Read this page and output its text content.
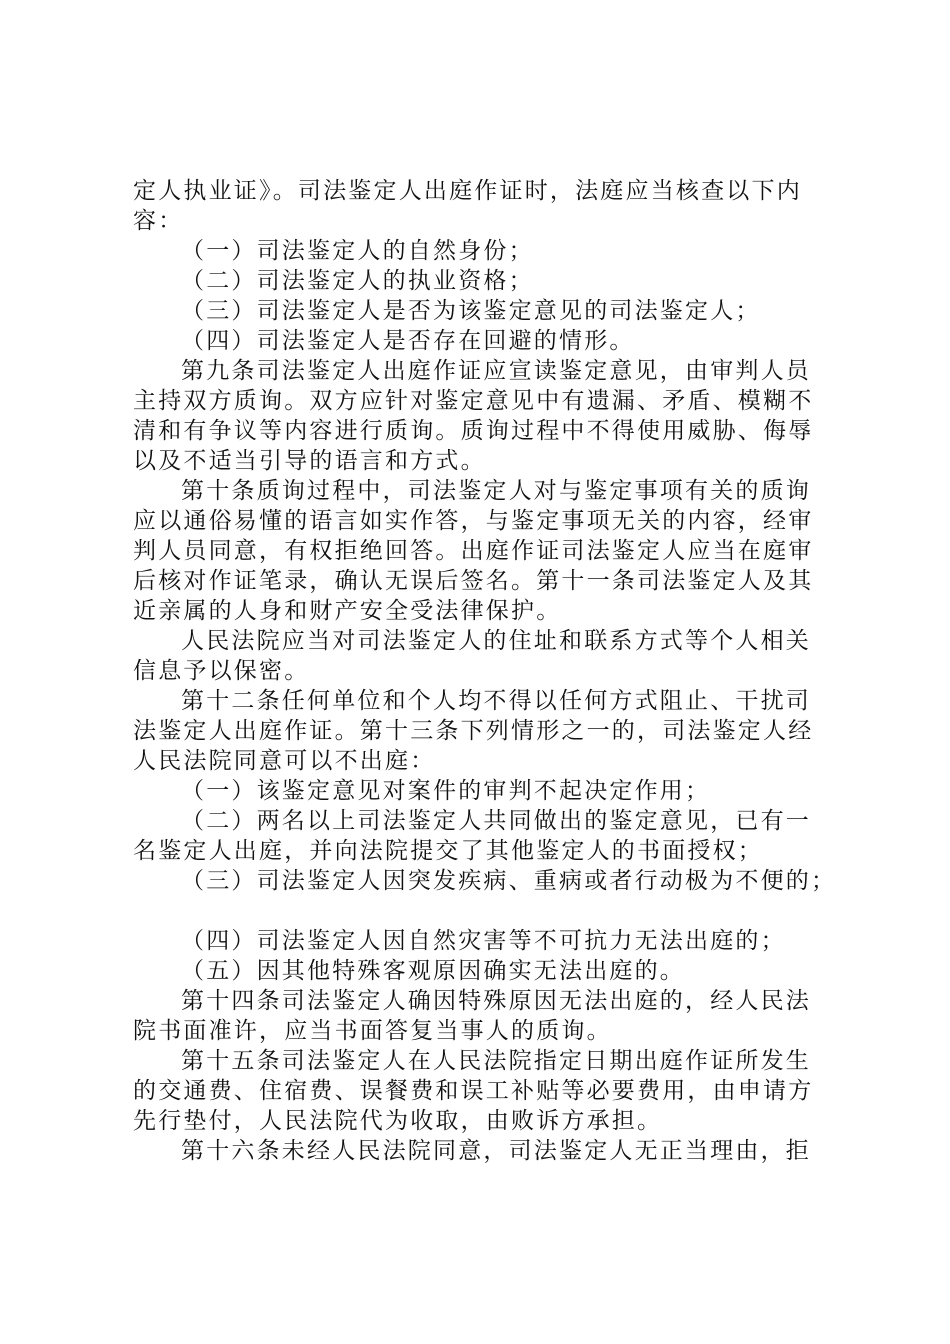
定人执业证》。司法鉴定人出庭作证时，法庭应当核查以下内
容：
（一）司法鉴定人的自然身份；
（二）司法鉴定人的执业资格；
（三）司法鉴定人是否为该鉴定意见的司法鉴定人；
（四）司法鉴定人是否存在回避的情形。
第九条司法鉴定人出庭作证应宣读鉴定意见，由审判人员
主持双方质询。双方应针对鉴定意见中有遗漏、矛盾、模糊不
清和有争议等内容进行质询。质询过程中不得使用威胁、侮辱
以及不适当引导的语言和方式。
第十条质询过程中，司法鉴定人对与鉴定事项有关的质询
应以通俗易懂的语言如实作答，与鉴定事项无关的内容，经审
判人员同意，有权拒绝回答。出庭作证司法鉴定人应当在庭审
后核对作证笔录，确认无误后签名。第十一条司法鉴定人及其
近亲属的人身和财产安全受法律保护。
人民法院应当对司法鉴定人的住址和联系方式等个人相关
信息予以保密。
第十二条任何单位和个人均不得以任何方式阻止、干扰司
法鉴定人出庭作证。第十三条下列情形之一的，司法鉴定人经
人民法院同意可以不出庭：
（一）该鉴定意见对案件的审判不起决定作用；
（二）两名以上司法鉴定人共同做出的鉴定意见，已有一
名鉴定人出庭，并向法院提交了其他鉴定人的书面授权；
（三）司法鉴定人因突发疾病、重病或者行动极为不便的；
（四）司法鉴定人因自然灾害等不可抗力无法出庭的；
（五）因其他特殊客观原因确实无法出庭的。
第十四条司法鉴定人确因特殊原因无法出庭的，经人民法
院书面准许，应当书面答复当事人的质询。
第十五条司法鉴定人在人民法院指定日期出庭作证所发生
的交通费、住宿费、误餐费和误工补贴等必要费用，由申请方
先行垫付，人民法院代为收取，由败诉方承担。
第十六条未经人民法院同意，司法鉴定人无正当理由，拒
